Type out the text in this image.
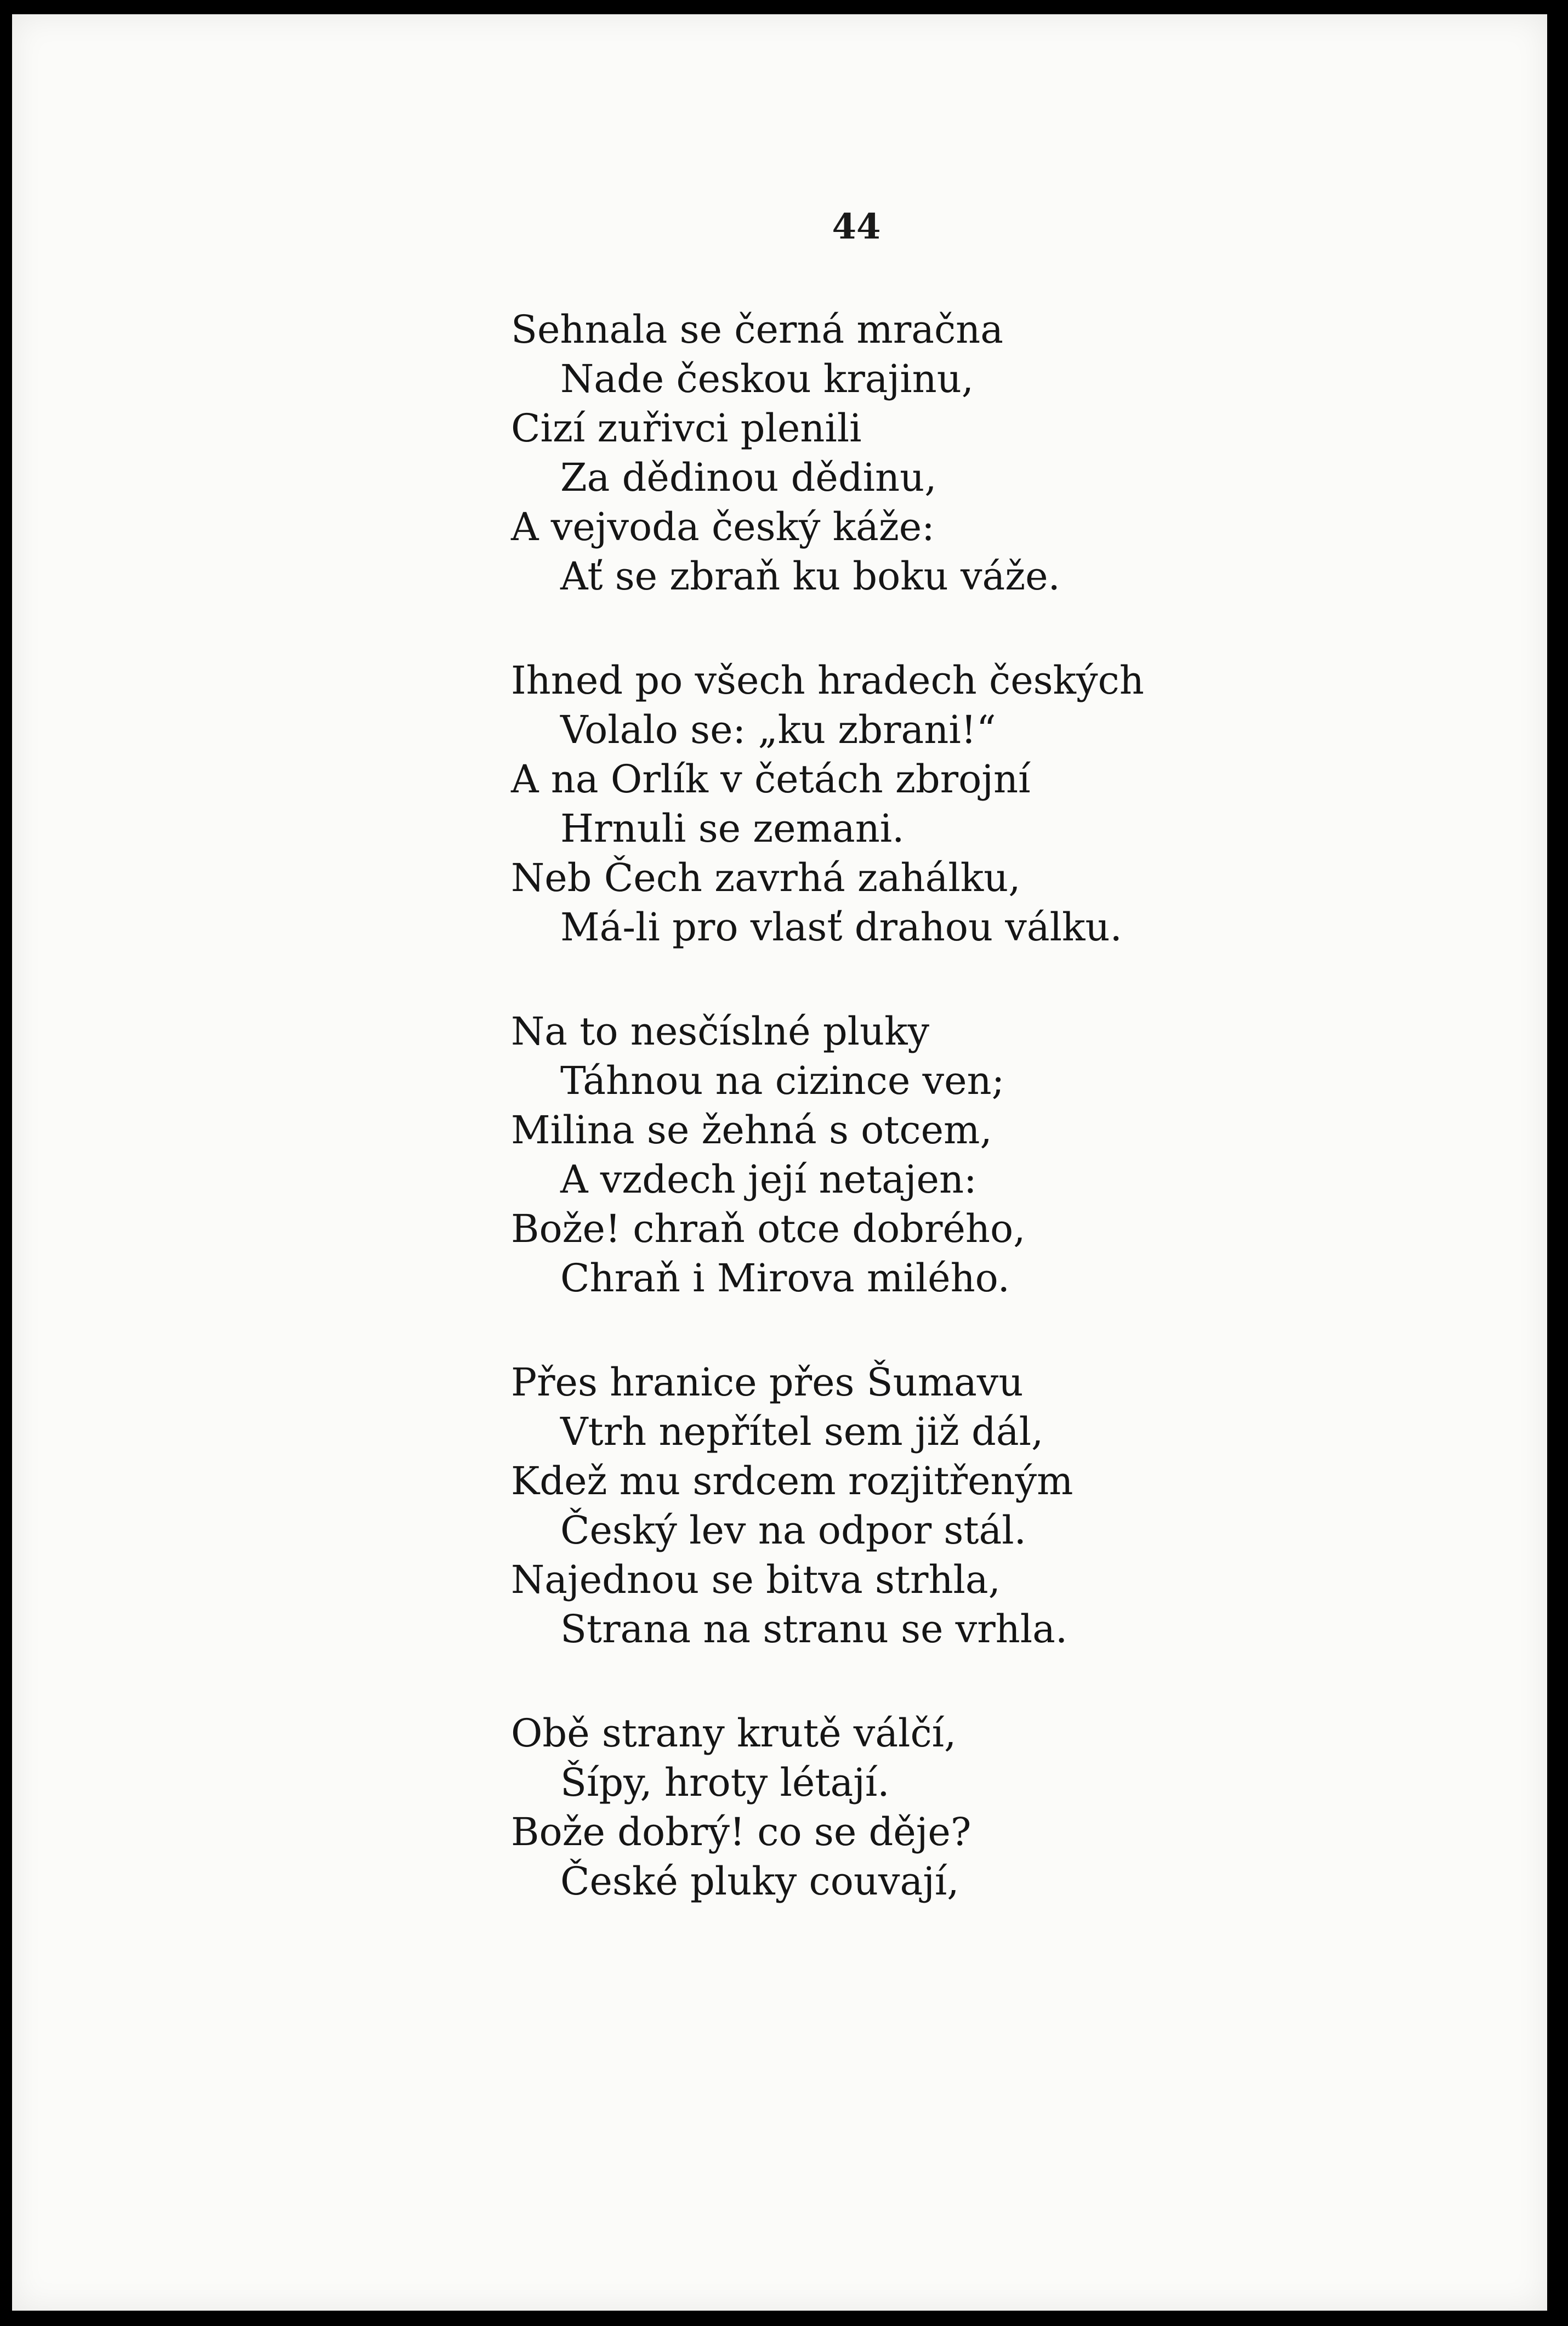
44
Sehnala se černá mračna
Nade českou krajinu,
Cizí zuřivci plenili
Za dědinou dědinu,
A vejvoda český káže:
Ať se zbraň ku boku váže.
Ihned po všech hradech českých
Volalo se: „ku zbrani!“
A na Orlík v četách zbrojní
Hrnuli se zemani.
Neb Čech zavrhá zahálku,
Má-li pro vlasť drahou válku.
Na to nesčíslné pluky
Táhnou na cizince ven;
Milina se žehná s otcem,
A vzdech její netajen:
Bože! chraň otce dobrého,
Chraň i Mirova milého.
Přes hranice přes Šumavu
Vtrh nepřítel sem již dál,
Kdež mu srdcem rozjitřeným
Český lev na odpor stál.
Najednou se bitva strhla,
Strana na stranu se vrhla.
Obě strany krutě válčí,
Šípy, hroty létají.
Bože dobrý! co se děje?
České pluky couvají,
